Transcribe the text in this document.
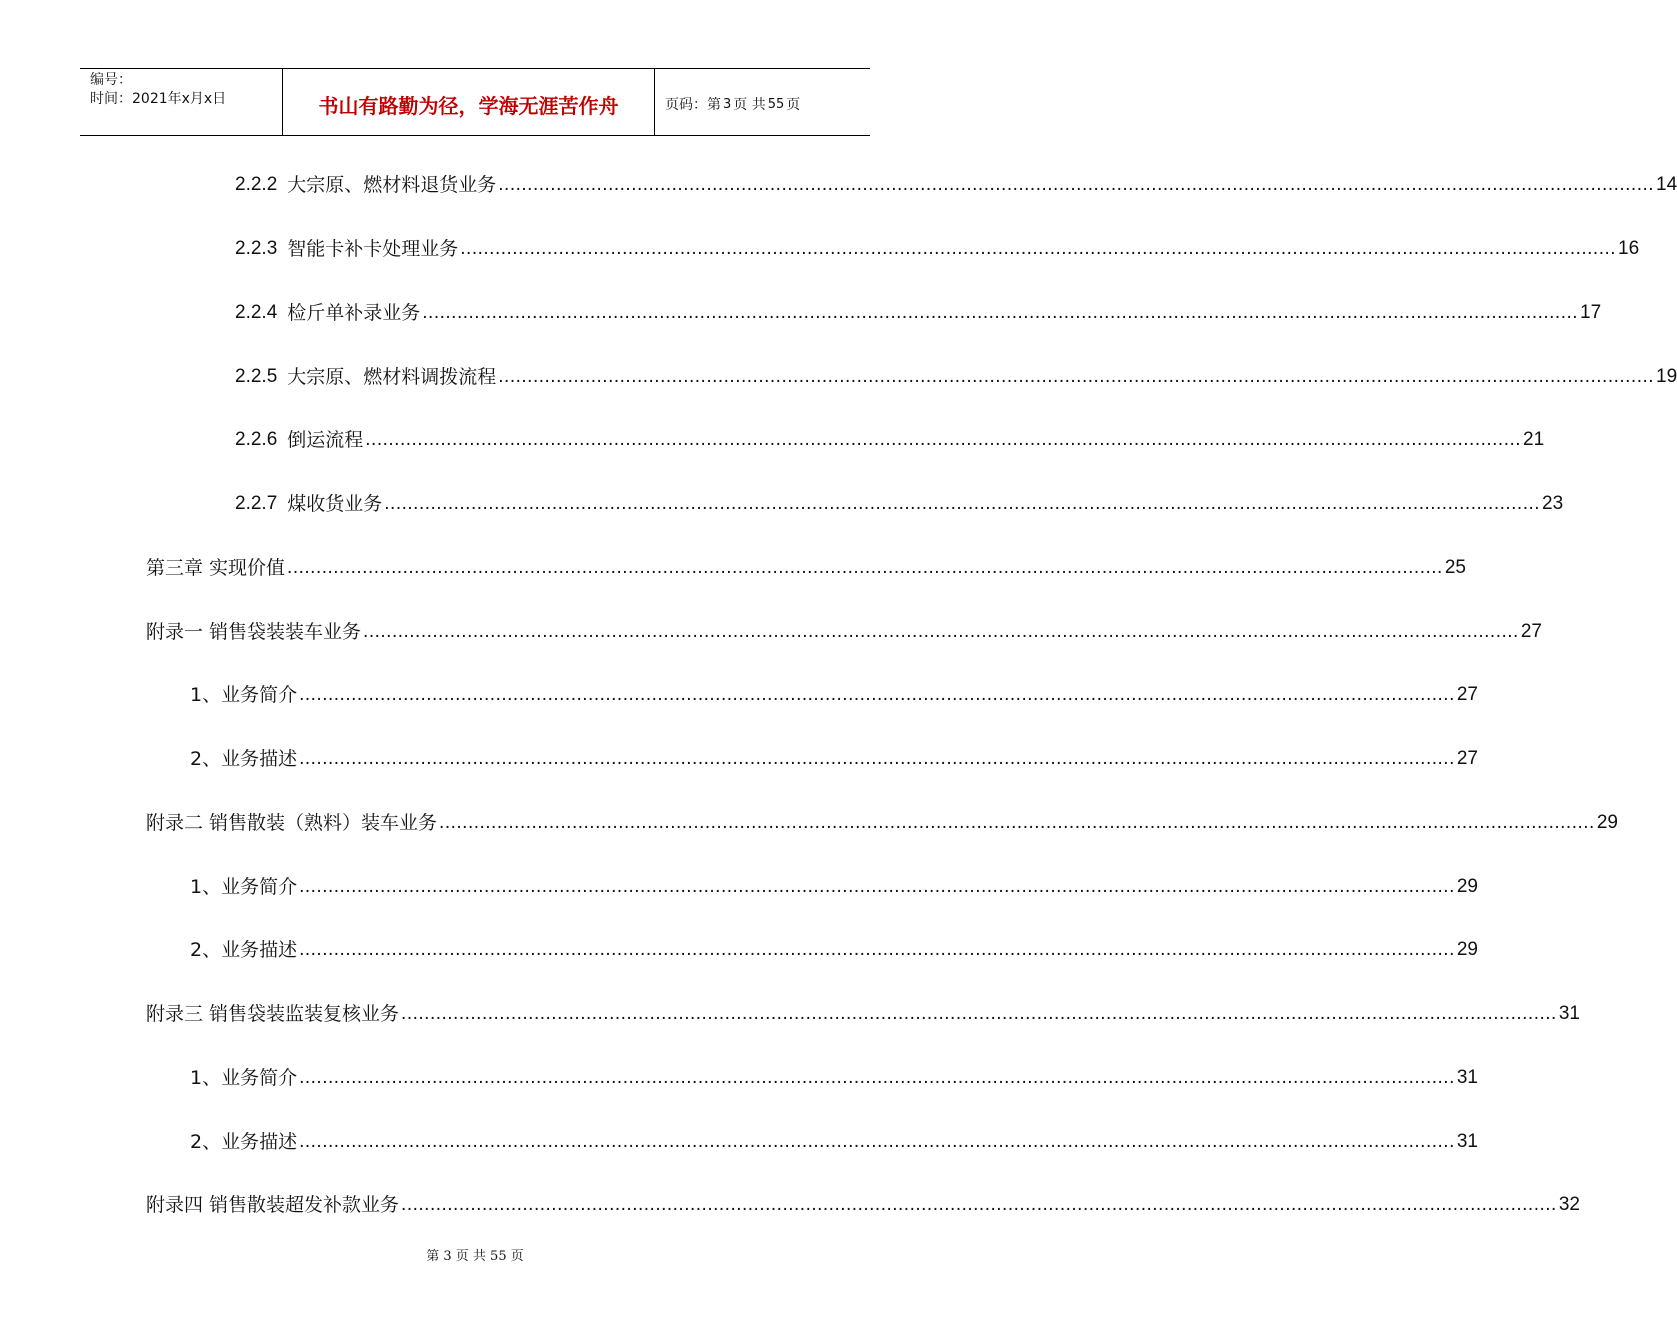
编号：
时间：2021年x月x日	书山有路勤为径，学海无涯苦作舟	页码：第 3 页 共 55 页
2.2.2 大宗原、燃材料退货业务 ........................................................................................................................................................................................................ 14
2.2.3 智能卡补卡处理业务 ........................................................................................................................................................................................................ 16
2.2.4 检斤单补录业务 ........................................................................................................................................................................................................ 17
2.2.5 大宗原、燃材料调拨流程 ........................................................................................................................................................................................................ 19
2.2.6 倒运流程 ........................................................................................................................................................................................................ 21
2.2.7 煤收货业务 ........................................................................................................................................................................................................ 23
第三章 实现价值 ........................................................................................................................................................................................................ 25
附录一 销售袋装装车业务 ........................................................................................................................................................................................................ 27
1、业务简介 ........................................................................................................................................................................................................ 27
2、业务描述 ........................................................................................................................................................................................................ 27
附录二 销售散装（熟料）装车业务 ........................................................................................................................................................................................................ 29
1、业务简介 ........................................................................................................................................................................................................ 29
2、业务描述 ........................................................................................................................................................................................................ 29
附录三 销售袋装监装复核业务 ........................................................................................................................................................................................................ 31
1、业务简介 ........................................................................................................................................................................................................ 31
2、业务描述 ........................................................................................................................................................................................................ 31
附录四 销售散装超发补款业务 ........................................................................................................................................................................................................ 32
第 3 页 共 55 页
